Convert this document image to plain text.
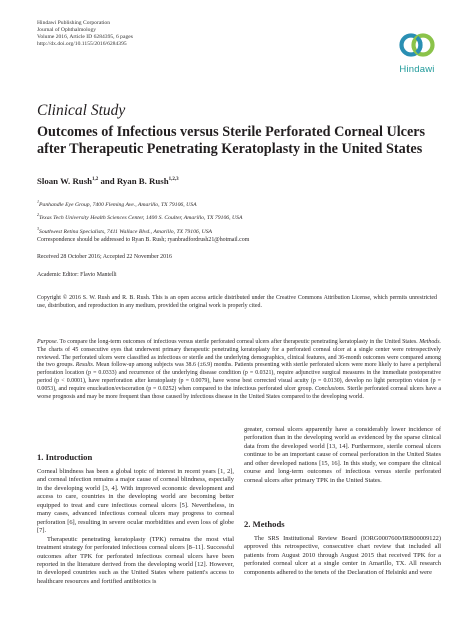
Hindawi Publishing Corporation
Journal of Ophthalmology
Volume 2016, Article ID 6284395, 6 pages
http://dx.doi.org/10.1155/2016/6284395
Hindawi
Clinical Study
Outcomes of Infectious versus Sterile Perforated Corneal Ulcers after Therapeutic Penetrating Keratoplasty in the United States
Sloan W. Rush$^{1,2}$ and Ryan B. Rush$^{1,2,3}$
$^1$Panhandle Eye Group, 7400 Fleming Ave., Amarillo, TX 79106, USA
$^2$Texas Tech University Health Sciences Center, 1400 S. Coulter, Amarillo, TX 79106, USA
$^3$Southwest Retina Specialists, 7411 Wallace Blvd., Amarillo, TX 79106, USA
Correspondence should be addressed to Ryan B. Rush; ryanbradfordrush21@hotmail.com
Received 28 October 2016; Accepted 22 November 2016
Academic Editor: Flavio Mantelli
Copyright © 2016 S. W. Rush and R. B. Rush. This is an open access article distributed under the Creative Commons Attribution License, which permits unrestricted use, distribution, and reproduction in any medium, provided the original work is properly cited.
Purpose. To compare the long-term outcomes of infectious versus sterile perforated corneal ulcers after therapeutic penetrating keratoplasty in the United States. Methods. The charts of 45 consecutive eyes that underwent primary therapeutic penetrating keratoplasty for a perforated corneal ulcer at a single center were retrospectively reviewed. The perforated ulcers were classified as infectious or sterile and the underlying demographics, clinical features, and 36-month outcomes were compared among the two groups. Results. Mean follow-up among subjects was 38.6 (±6.9) months. Patients presenting with sterile perforated ulcers were more likely to have a peripheral perforation location (p = 0.0333) and recurrence of the underlying disease condition (p = 0.0321), require adjunctive surgical measures in the immediate postoperative period (p < 0.0001), have reperforation after keratoplasty (p = 0.0079), have worse best corrected visual acuity (p = 0.0130), develop no light perception vision (p = 0.0053), and require enucleation/evisceration (p = 0.0252) when compared to the infectious perforated ulcer group. Conclusions. Sterile perforated corneal ulcers have a worse prognosis and may be more frequent than those caused by infectious disease in the United States compared to the developing world.
1. Introduction

Corneal blindness has been a global topic of interest in recent years [1, 2], and corneal infection remains a major cause of corneal blindness, especially in the developing world [3, 4]. With improved economic development and access to care, countries in the developing world are becoming better equipped to treat and cure infectious corneal ulcers [5]. Nevertheless, in many cases, advanced infectious corneal ulcers may progress to corneal perforation [6], resulting in severe ocular morbidities and even loss of globe [7].

Therapeutic penetrating keratoplasty (TPK) remains the most vital treatment strategy for perforated infectious corneal ulcers [8–11]. Successful outcomes after TPK for perforated infectious corneal ulcers have been reported in the literature derived from the developing world [12]. However, in developed countries such as the United States where patient's access to healthcare resources and fortified antibiotics is

greater, corneal ulcers apparently have a considerably lower incidence of perforation than in the developing world as evidenced by the sparse clinical data from the developed world [13, 14]. Furthermore, sterile corneal ulcers continue to be an important cause of corneal perforation in the United States and other developed nations [15, 16]. In this study, we compare the clinical course and long-term outcomes of infectious versus sterile perforated corneal ulcers after primary TPK in the United States.

2. Methods

The SRS Institutional Review Board (IORG0007600/IRB00009122) approved this retrospective, consecutive chart review that included all patients from August 2010 through August 2015 that received TPK for a perforated corneal ulcer at a single center in Amarillo, TX. All research components adhered to the tenets of the Declaration of Helsinki and were
